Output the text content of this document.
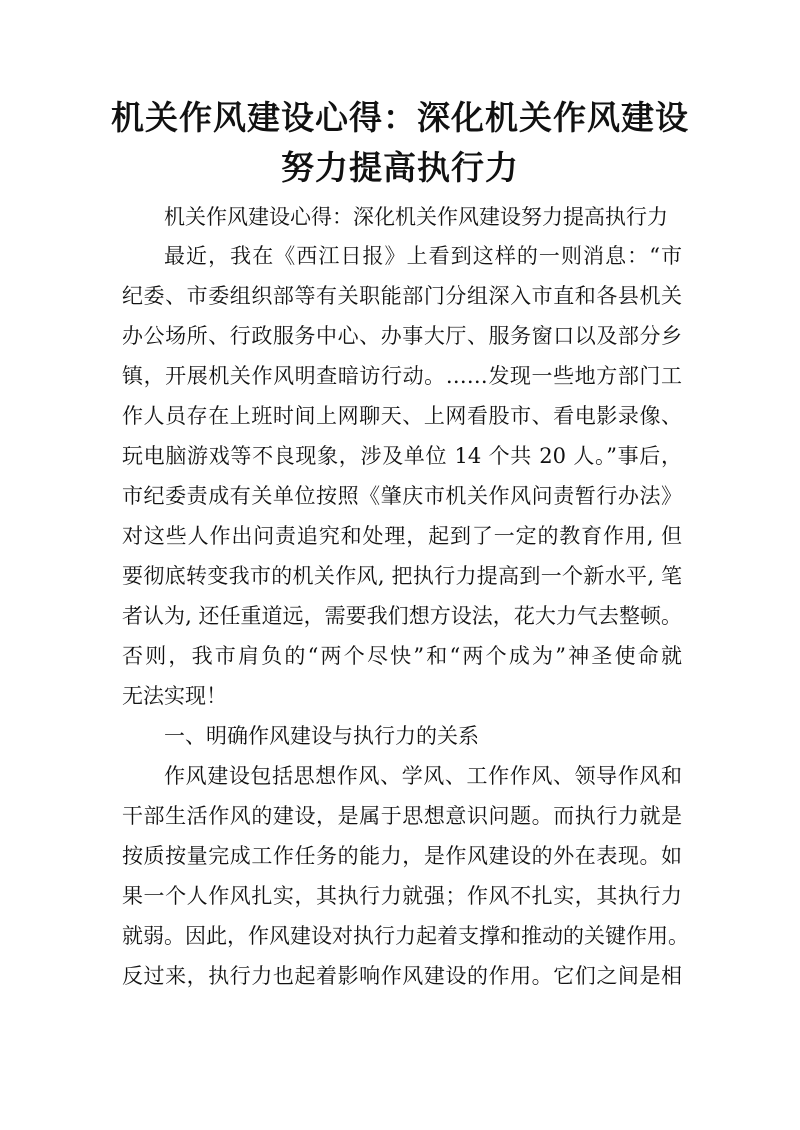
机关作风建设心得：深化机关作风建设
努力提高执行力

机关作风建设心得：深化机关作风建设努力提高执行力

最近，我在《西江日报》上看到这样的一则消息：“市

纪委、市委组织部等有关职能部门分组深入市直和各县机关

办公场所、行政服务中心、办事大厅、服务窗口以及部分乡

镇，开展机关作风明查暗访行动。……发现一些地方部门工

作人员存在上班时间上网聊天、上网看股市、看电影录像、

玩电脑游戏等不良现象，涉及单位 14 个共 20 人。”事后，

市纪委责成有关单位按照《肇庆市机关作风问责暂行办法》

对这些人作出问责追究和处理，起到了一定的教育作用, 但

要彻底转变我市的机关作风, 把执行力提高到一个新水平, 笔

者认为, 还任重道远，需要我们想方设法，花大力气去整顿。

否则，我市肩负的“两个尽快”和“两个成为”神圣使命就

无法实现！

一、明确作风建设与执行力的关系

作风建设包括思想作风、学风、工作作风、领导作风和

干部生活作风的建设，是属于思想意识问题。而执行力就是

按质按量完成工作任务的能力，是作风建设的外在表现。如

果一个人作风扎实，其执行力就强；作风不扎实，其执行力

就弱。因此，作风建设对执行力起着支撑和推动的关键作用。

反过来，执行力也起着影响作风建设的作用。它们之间是相
